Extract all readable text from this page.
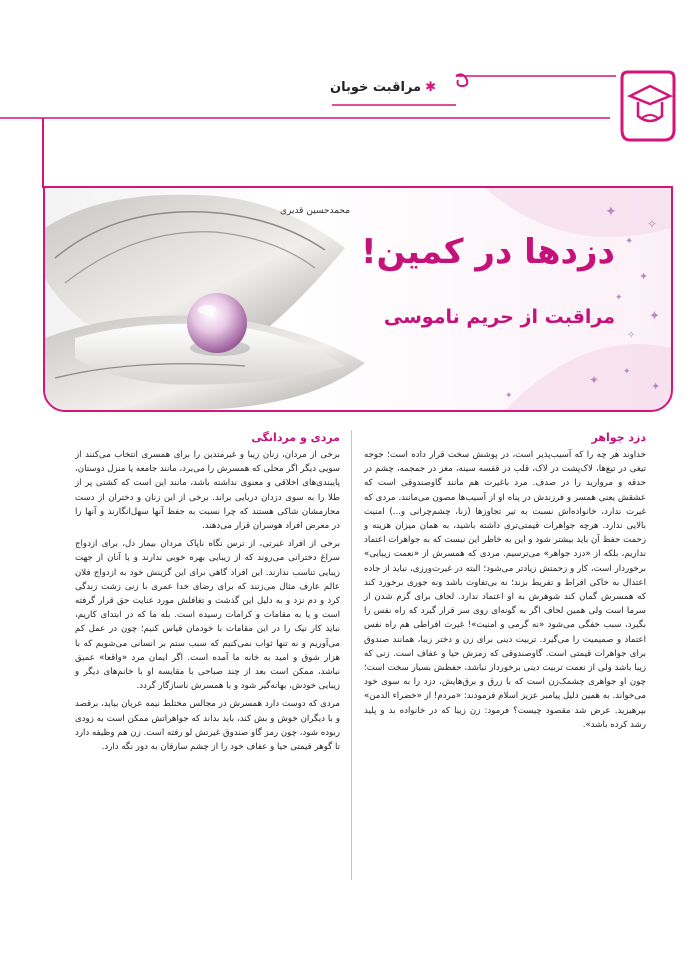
✱مراقبت خوبان
✦
✦
✧
✦
✦
✦
✧
✦
✦
✦
✦
محمدحسین قدیری
دزدها در کمین!
مراقبت از حریم ناموسی
دزد جواهر

خداوند هر چه را که آسیب‌پذیر است، در پوشش سخت قرار داده است؛ جوجه تیغی در تیغ‌ها، لاک‌پشت در لاک، قلب در قفسه سینه، مغز در جمجمه، چشم در حدقه و مروارید را در صدف. مرد باغیرت هم مانند گاوصندوقی است که عشقش یعنی همسر و فرزندش در پناه او از آسیب‌ها مصون می‌مانند. مردی که غیرت ندارد، خانواده‌اش نسبت به تیر تجاوزها (زنا، چشم‌چرانی و...) امنیت بالایی ندارد. هرچه جواهرات قیمتی‌تری داشته باشید، به همان میزان هزینه و زحمت حفظ آن باید بیشتر شود و این به خاطر این نیست که به جواهرات اعتماد نداریم، بلکه از «دزد جواهر» می‌ترسیم. مردی که همسرش از «نعمت زیبایی» برخوردار است، کار و زحمتش زیادتر می‌شود؛ البته در غیرت‌ورزی، نباید از جاده اعتدال به خاکی افراط و تفریط بزند؛ نه بی‌تفاوت باشد ونه جوری برخورد کند که همسرش گمان کند شوهرش به او اعتماد ندارد. لحاف برای گرم شدن از سرما است ولی همین لحاف اگر به گونه‌ای روی سر قرار گیرد که راه نفس را بگیرد، سبب خفگی می‌شود «نه گرمی و امنیت»! غیرت افراطی هم راه نفس اعتماد و صمیمیت را می‌گیرد. تربیت دینی برای زن و دختر زیبا، همانند صندوق برای جواهرات قیمتی است. گاوصندوقی که رمزش حیا و عفاف است. زنی که زیبا باشد ولی از نعمت تربیت دینی برخوردار نباشد، حفظش بسیار سخت است؛ چون او جواهری چشمک‌زن است که با زرق و برق‌هایش، دزد را به سوی خود می‌خواند. به همین دلیل پیامبر عزیز اسلام فرمودند: «مردم! از «خضراء الدمن» بپرهیزید. عرض شد مقصود چیست؟ فرمود: زن زیبا که در خانواده بد و پلید رشد کرده باشد».

مردی و مردانگی

برخی از مردان، زنان زیبا و غیرمتدین را برای همسری انتخاب می‌کنند از سویی دیگر اگر محلی که همسرش را می‌برد، مانند جامعه یا منزل دوستان، پایبندی‌های اخلاقی و معنوی نداشته باشد، مانند این است که کشتی پر از طلا را به سوی دزدان دریایی براند. برخی از این زنان و دختران از دست محارمشان شاکی هستند که چرا نسبت به حفظ آنها سهل‌انگارند و آنها را در معرض افراد هوسران قرار می‌دهند.

برخی از افراد غیرتی، از ترس نگاه ناپاک مردان بیمار دل، برای ازدواج سراغ دخترانی می‌روند که از زیبایی بهره خوبی ندارند و یا آنان از جهت زیبایی تناسب ندارند. این افراد گاهی برای این گزینش خود به ازدواج فلان عالم عارف مثال می‌زنند که برای رضای خدا عمری با زنی زشت زندگی کرد و دم نزد و به دلیل این گذشت و تغافلش مورد عنایت حق قرار گرفته است و یا به مقامات و کرامات رسیده است. بله ما که در ابتدای کاریم، نباید کار نیک را در این مقامات با خودمان قیاس کنیم؛ چون در عمل کم می‌آوریم و نه تنها ثواب نمی‌کنیم که سبب ستم بر انسانی می‌شویم که با هزار شوق و امید به خانه ما آمده است. اگر ایمان مرد «واقعا» عمیق نباشد، ممکن است بعد از چند صباحی با مقایسه او با خانم‌های دیگر و زیبایی خودش، بهانه‌گیر شود و با همسرش ناسازگار گردد.

مردی که دوست دارد همسرش در مجالس مختلط نیمه عریان بیاید، برقصد و با دیگران خوش و بش کند، باید بداند که جواهراتش ممکن است به زودی ربوده شود، چون رمز گاو صندوق غیرتش لو رفته است. زن هم وظیفه دارد تا گوهر قیمتی حیا و عفاف خود را از چشم سارقان به دور نگه دارد.
